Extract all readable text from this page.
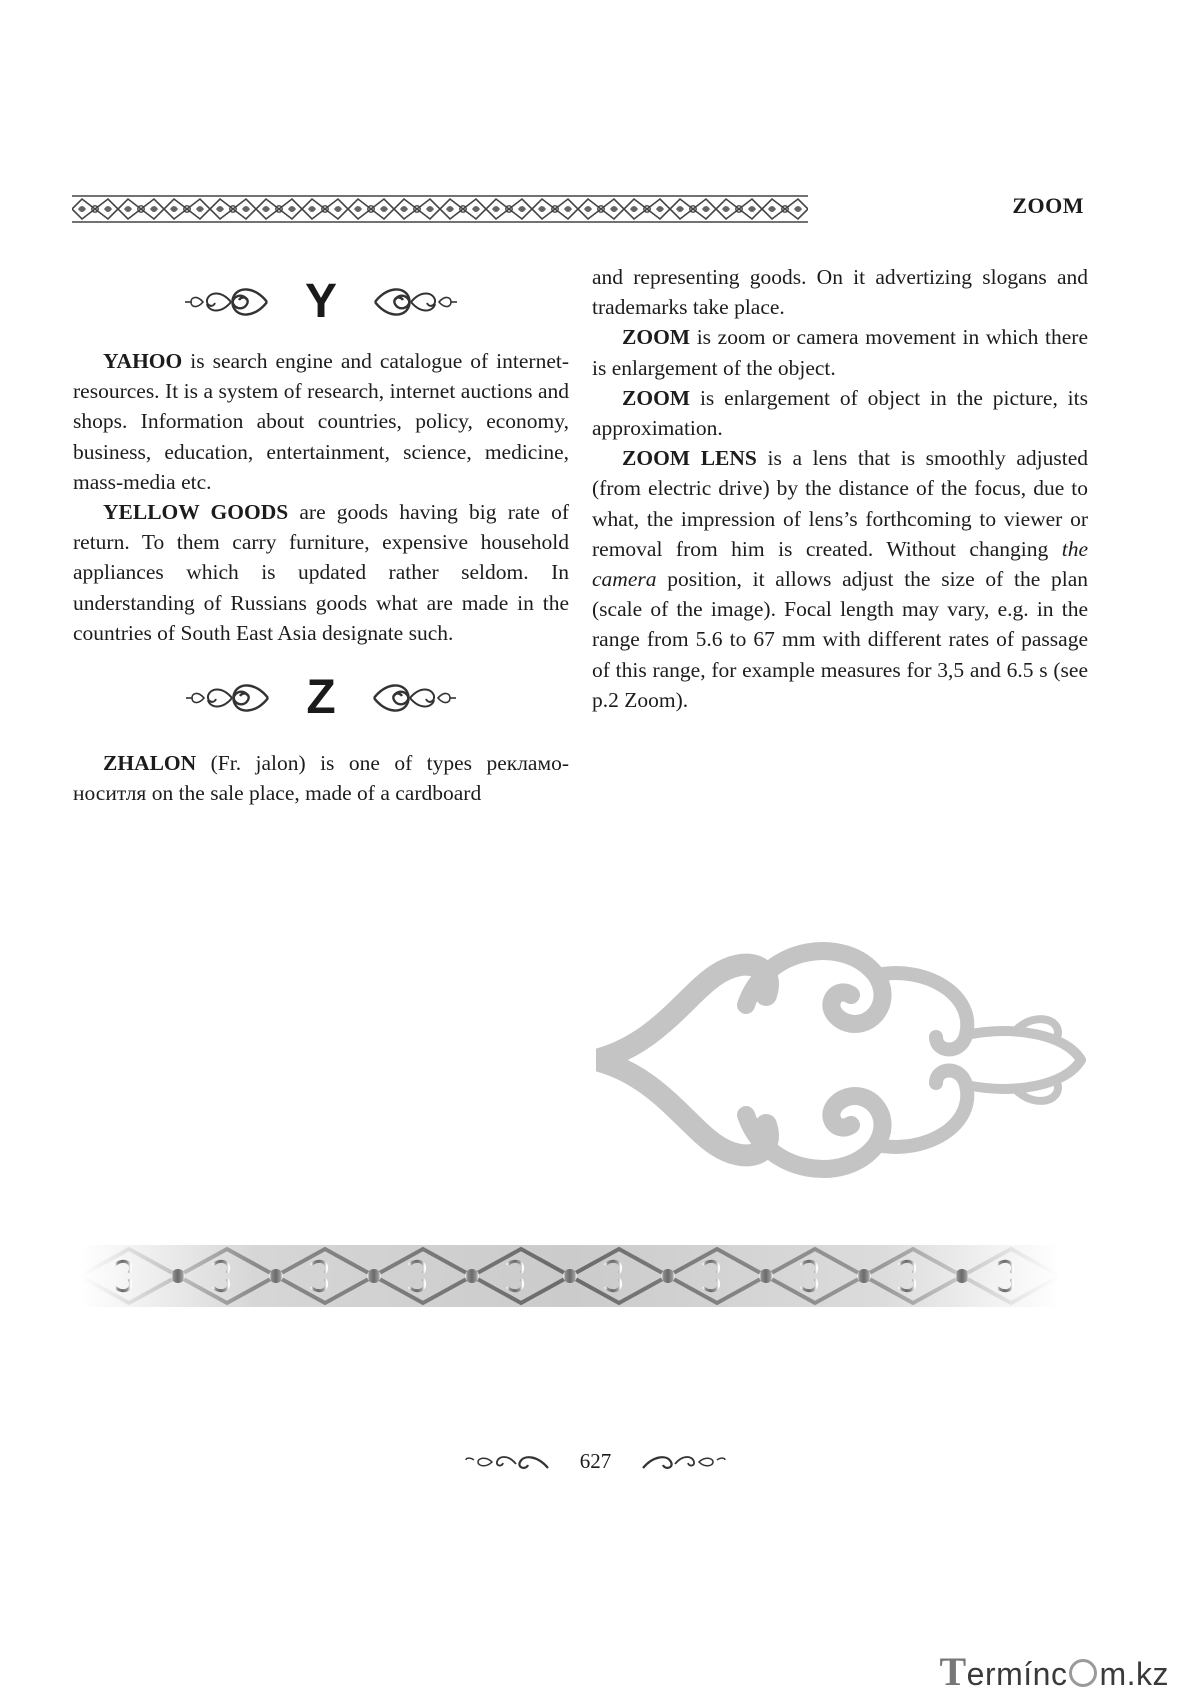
ZOOM
Y

YAHOO is search engine and catalogue of internet-resources. It is a system of research, internet auctions and shops. Information about countries, policy, economy, business, education, entertainment, science, medicine, mass-media etc.

YELLOW GOODS are goods having big rate of return. To them carry furniture, expensive household appliances which is updated rather seldom. In understanding of Russians goods what are made in the countries of South East Asia designate such.

Z

ZHALON (Fr. jalon) is one of types рекламоноситля on the sale place, made of a cardboard

and representing goods. On it advertizing slogans and trademarks take place.

ZOOM is zoom or camera movement in which there is enlargement of the object.

ZOOM is enlargement of object in the picture, its approximation.

ZOOM LENS is a lens that is smoothly adjusted (from electric drive) by the distance of the focus, due to what, the impression of lens’s forthcoming to viewer or removal from him is created. Without changing the camera position, it allows adjust the size of the plan (scale of the image). Focal length may vary, e.g. in the range from 5.6 to 67 mm with different rates of passage of this range, for example measures for 3,5 and 6.5 s (see p.2 Zoom).

627
T ermínc m.kz
